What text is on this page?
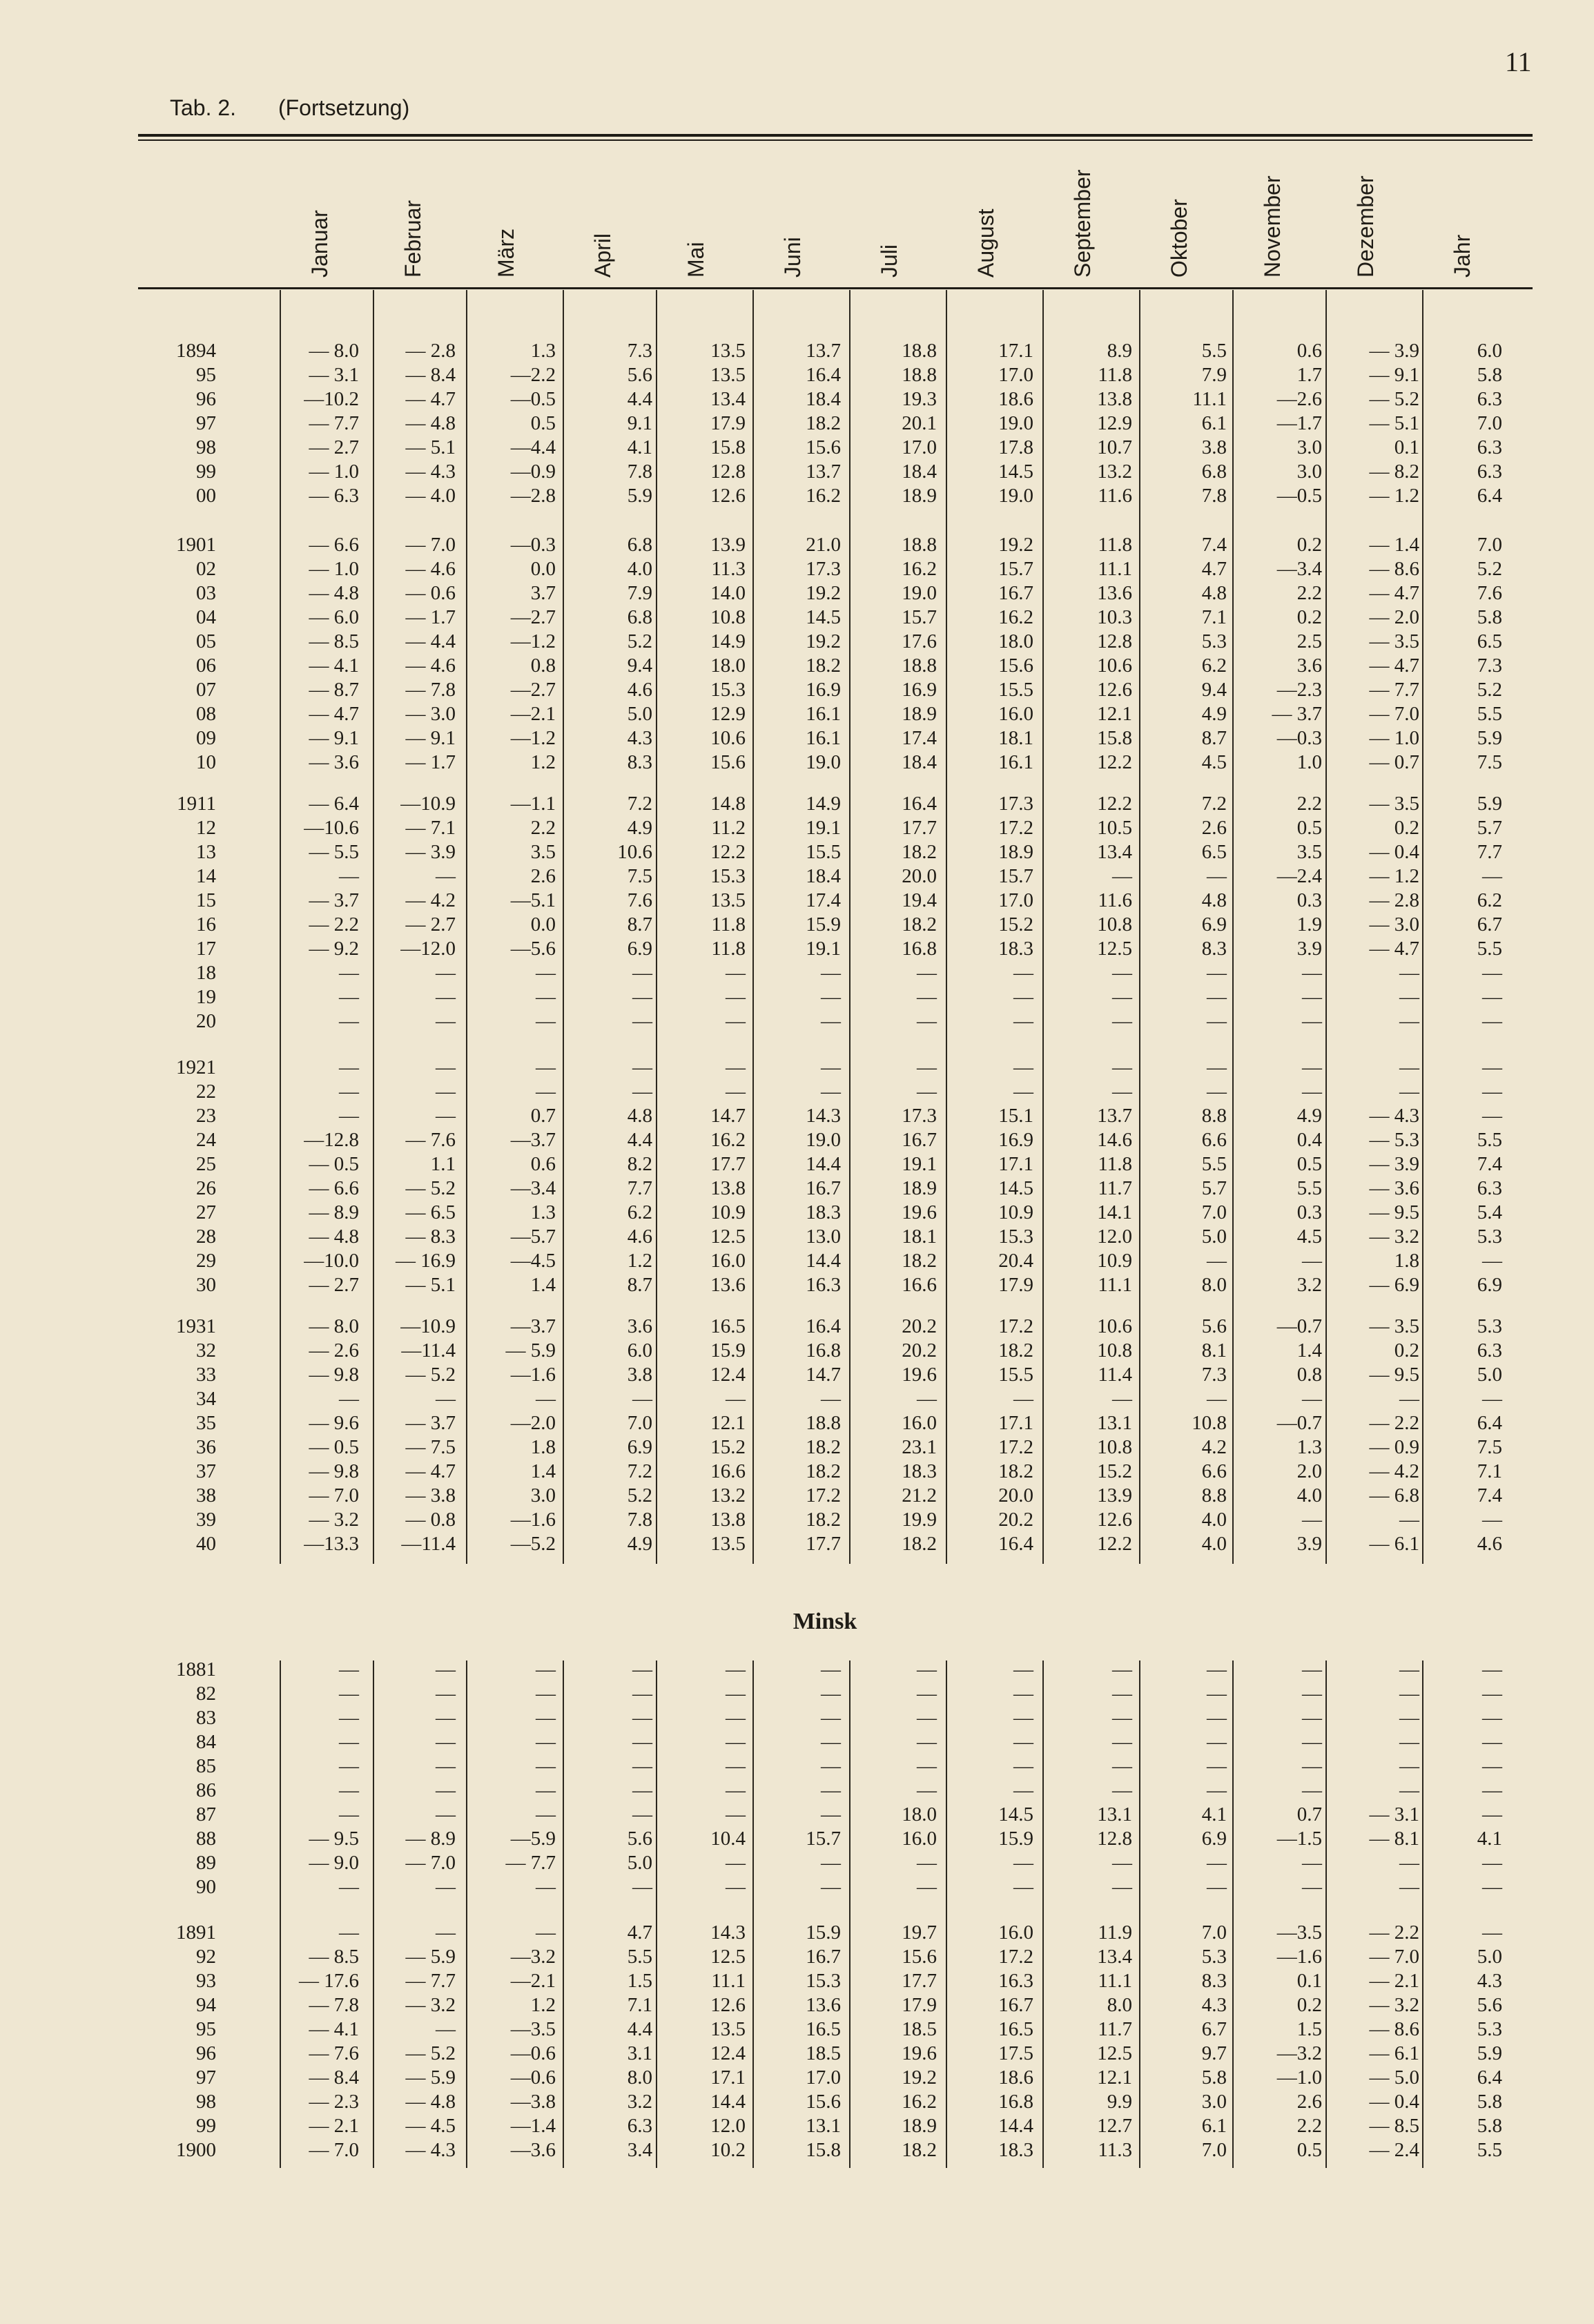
11
Tab. 2. (Fortsetzung)
Januar	Februar	März	April	Mai	Juni	Juli	August	September	Oktober	November	Dezember	Jahr
1894	— 8.0	— 2.8	1.3	7.3	13.5	13.7	18.8	17.1	8.9	5.5	0.6	— 3.9	6.0
95	— 3.1	— 8.4	—2.2	5.6	13.5	16.4	18.8	17.0	11.8	7.9	1.7	— 9.1	5.8
96	—10.2	— 4.7	—0.5	4.4	13.4	18.4	19.3	18.6	13.8	11.1	—2.6	— 5.2	6.3
97	— 7.7	— 4.8	0.5	9.1	17.9	18.2	20.1	19.0	12.9	6.1	—1.7	— 5.1	7.0
98	— 2.7	— 5.1	—4.4	4.1	15.8	15.6	17.0	17.8	10.7	3.8	3.0	0.1	6.3
99	— 1.0	— 4.3	—0.9	7.8	12.8	13.7	18.4	14.5	13.2	6.8	3.0	— 8.2	6.3
00	— 6.3	— 4.0	—2.8	5.9	12.6	16.2	18.9	19.0	11.6	7.8	—0.5	— 1.2	6.4
1901	— 6.6	— 7.0	—0.3	6.8	13.9	21.0	18.8	19.2	11.8	7.4	0.2	— 1.4	7.0
02	— 1.0	— 4.6	0.0	4.0	11.3	17.3	16.2	15.7	11.1	4.7	—3.4	— 8.6	5.2
03	— 4.8	— 0.6	3.7	7.9	14.0	19.2	19.0	16.7	13.6	4.8	2.2	— 4.7	7.6
04	— 6.0	— 1.7	—2.7	6.8	10.8	14.5	15.7	16.2	10.3	7.1	0.2	— 2.0	5.8
05	— 8.5	— 4.4	—1.2	5.2	14.9	19.2	17.6	18.0	12.8	5.3	2.5	— 3.5	6.5
06	— 4.1	— 4.6	0.8	9.4	18.0	18.2	18.8	15.6	10.6	6.2	3.6	— 4.7	7.3
07	— 8.7	— 7.8	—2.7	4.6	15.3	16.9	16.9	15.5	12.6	9.4	—2.3	— 7.7	5.2
08	— 4.7	— 3.0	—2.1	5.0	12.9	16.1	18.9	16.0	12.1	4.9	— 3.7	— 7.0	5.5
09	— 9.1	— 9.1	—1.2	4.3	10.6	16.1	17.4	18.1	15.8	8.7	—0.3	— 1.0	5.9
10	— 3.6	— 1.7	1.2	8.3	15.6	19.0	18.4	16.1	12.2	4.5	1.0	— 0.7	7.5
1911	— 6.4	—10.9	—1.1	7.2	14.8	14.9	16.4	17.3	12.2	7.2	2.2	— 3.5	5.9
12	—10.6	— 7.1	2.2	4.9	11.2	19.1	17.7	17.2	10.5	2.6	0.5	0.2	5.7
13	— 5.5	— 3.9	3.5	10.6	12.2	15.5	18.2	18.9	13.4	6.5	3.5	— 0.4	7.7
14	—	—	2.6	7.5	15.3	18.4	20.0	15.7	—	—	—2.4	— 1.2	—
15	— 3.7	— 4.2	—5.1	7.6	13.5	17.4	19.4	17.0	11.6	4.8	0.3	— 2.8	6.2
16	— 2.2	— 2.7	0.0	8.7	11.8	15.9	18.2	15.2	10.8	6.9	1.9	— 3.0	6.7
17	— 9.2	—12.0	—5.6	6.9	11.8	19.1	16.8	18.3	12.5	8.3	3.9	— 4.7	5.5
18	—	—	—	—	—	—	—	—	—	—	—	—	—
19	—	—	—	—	—	—	—	—	—	—	—	—	—
20	—	—	—	—	—	—	—	—	—	—	—	—	—
1921	—	—	—	—	—	—	—	—	—	—	—	—	—
22	—	—	—	—	—	—	—	—	—	—	—	—	—
23	—	—	0.7	4.8	14.7	14.3	17.3	15.1	13.7	8.8	4.9	— 4.3	—
24	—12.8	— 7.6	—3.7	4.4	16.2	19.0	16.7	16.9	14.6	6.6	0.4	— 5.3	5.5
25	— 0.5	1.1	0.6	8.2	17.7	14.4	19.1	17.1	11.8	5.5	0.5	— 3.9	7.4
26	— 6.6	— 5.2	—3.4	7.7	13.8	16.7	18.9	14.5	11.7	5.7	5.5	— 3.6	6.3
27	— 8.9	— 6.5	1.3	6.2	10.9	18.3	19.6	10.9	14.1	7.0	0.3	— 9.5	5.4
28	— 4.8	— 8.3	—5.7	4.6	12.5	13.0	18.1	15.3	12.0	5.0	4.5	— 3.2	5.3
29	—10.0	— 16.9	—4.5	1.2	16.0	14.4	18.2	20.4	10.9	—	—	1.8	—
30	— 2.7	— 5.1	1.4	8.7	13.6	16.3	16.6	17.9	11.1	8.0	3.2	— 6.9	6.9
1931	— 8.0	—10.9	—3.7	3.6	16.5	16.4	20.2	17.2	10.6	5.6	—0.7	— 3.5	5.3
32	— 2.6	—11.4	— 5.9	6.0	15.9	16.8	20.2	18.2	10.8	8.1	1.4	0.2	6.3
33	— 9.8	— 5.2	—1.6	3.8	12.4	14.7	19.6	15.5	11.4	7.3	0.8	— 9.5	5.0
34	—	—	—	—	—	—	—	—	—	—	—	—	—
35	— 9.6	— 3.7	—2.0	7.0	12.1	18.8	16.0	17.1	13.1	10.8	—0.7	— 2.2	6.4
36	— 0.5	— 7.5	1.8	6.9	15.2	18.2	23.1	17.2	10.8	4.2	1.3	— 0.9	7.5
37	— 9.8	— 4.7	1.4	7.2	16.6	18.2	18.3	18.2	15.2	6.6	2.0	— 4.2	7.1
38	— 7.0	— 3.8	3.0	5.2	13.2	17.2	21.2	20.0	13.9	8.8	4.0	— 6.8	7.4
39	— 3.2	— 0.8	—1.6	7.8	13.8	18.2	19.9	20.2	12.6	4.0	—	—	—
40	—13.3	—11.4	—5.2	4.9	13.5	17.7	18.2	16.4	12.2	4.0	3.9	— 6.1	4.6
1881	—	—	—	—	—	—	—	—	—	—	—	—	—
82	—	—	—	—	—	—	—	—	—	—	—	—	—
83	—	—	—	—	—	—	—	—	—	—	—	—	—
84	—	—	—	—	—	—	—	—	—	—	—	—	—
85	—	—	—	—	—	—	—	—	—	—	—	—	—
86	—	—	—	—	—	—	—	—	—	—	—	—	—
87	—	—	—	—	—	—	18.0	14.5	13.1	4.1	0.7	— 3.1	—
88	— 9.5	— 8.9	—5.9	5.6	10.4	15.7	16.0	15.9	12.8	6.9	—1.5	— 8.1	4.1
89	— 9.0	— 7.0	— 7.7	5.0	—	—	—	—	—	—	—	—	—
90	—	—	—	—	—	—	—	—	—	—	—	—	—
1891	—	—	—	4.7	14.3	15.9	19.7	16.0	11.9	7.0	—3.5	— 2.2	—
92	— 8.5	— 5.9	—3.2	5.5	12.5	16.7	15.6	17.2	13.4	5.3	—1.6	— 7.0	5.0
93	— 17.6	— 7.7	—2.1	1.5	11.1	15.3	17.7	16.3	11.1	8.3	0.1	— 2.1	4.3
94	— 7.8	— 3.2	1.2	7.1	12.6	13.6	17.9	16.7	8.0	4.3	0.2	— 3.2	5.6
95	— 4.1	—	—3.5	4.4	13.5	16.5	18.5	16.5	11.7	6.7	1.5	— 8.6	5.3
96	— 7.6	— 5.2	—0.6	3.1	12.4	18.5	19.6	17.5	12.5	9.7	—3.2	— 6.1	5.9
97	— 8.4	— 5.9	—0.6	8.0	17.1	17.0	19.2	18.6	12.1	5.8	—1.0	— 5.0	6.4
98	— 2.3	— 4.8	—3.8	3.2	14.4	15.6	16.2	16.8	9.9	3.0	2.6	— 0.4	5.8
99	— 2.1	— 4.5	—1.4	6.3	12.0	13.1	18.9	14.4	12.7	6.1	2.2	— 8.5	5.8
1900	— 7.0	— 4.3	—3.6	3.4	10.2	15.8	18.2	18.3	11.3	7.0	0.5	— 2.4	5.5
Minsk
